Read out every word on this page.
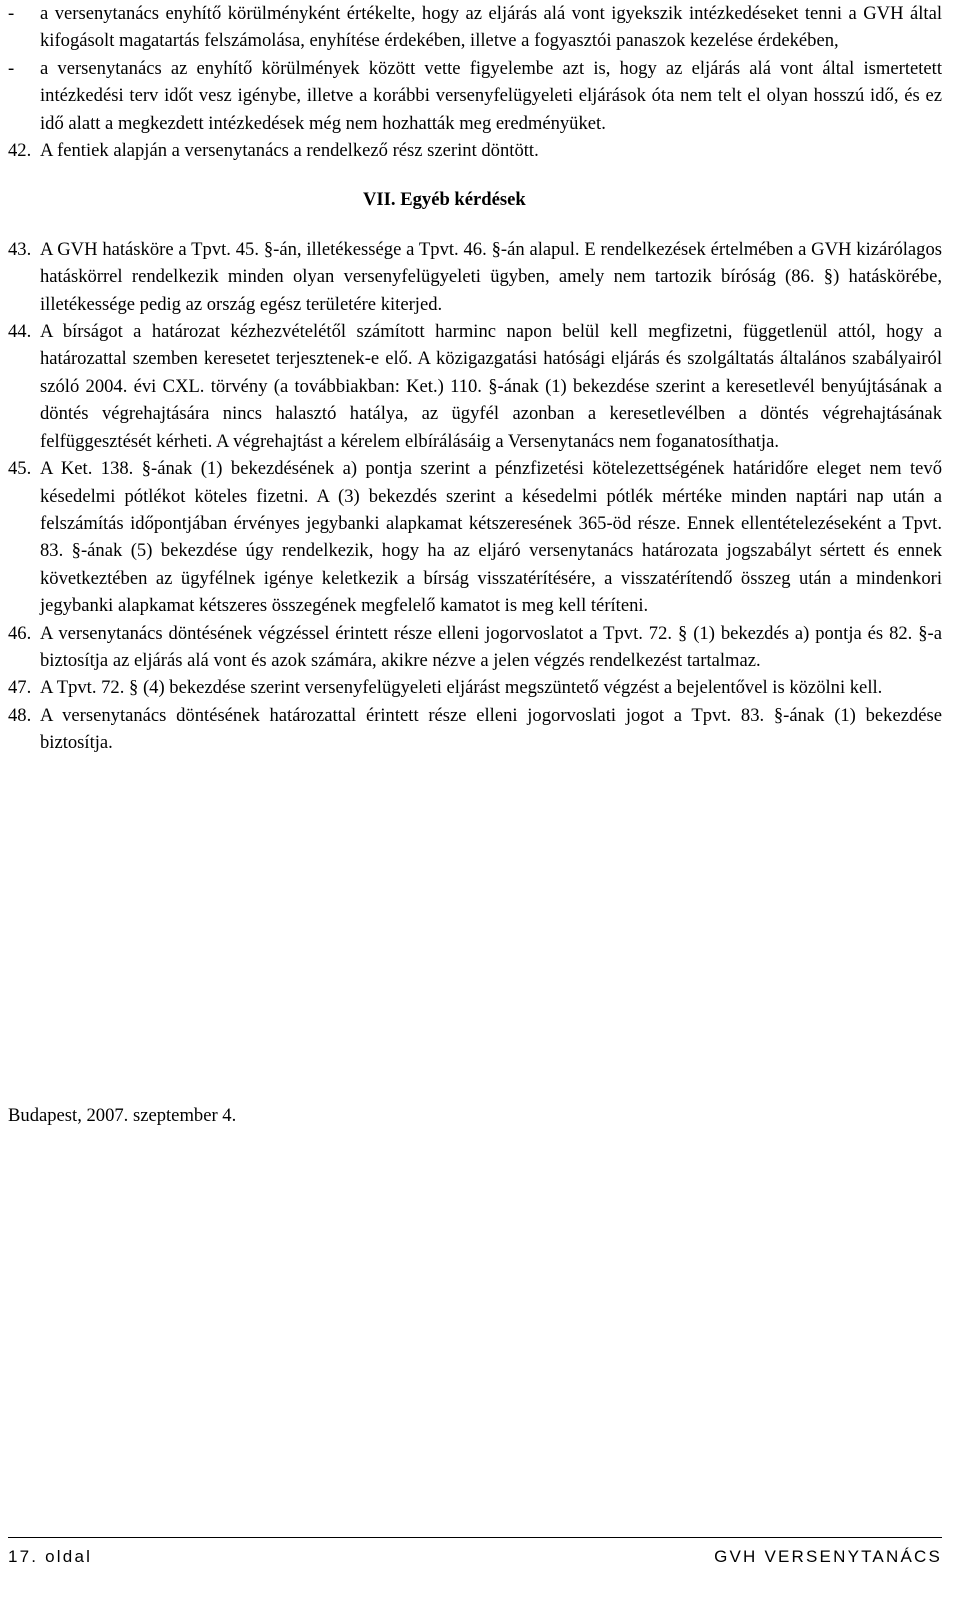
-	a versenytanács enyhítő körülményként értékelte, hogy az eljárás alá vont igyekszik intézkedéseket tenni a GVH által kifogásolt magatartás felszámolása, enyhítése érdekében, illetve a fogyasztói panaszok kezelése érdekében,
-	a versenytanács az enyhítő körülmények között vette figyelembe azt is, hogy az eljárás alá vont által ismertetett intézkedési terv időt vesz igénybe, illetve a korábbi versenyfelügyeleti eljárások óta nem telt el olyan hosszú idő, és ez idő alatt a megkezdett intézkedések még nem hozhatták meg eredményüket.
42. A fentiek alapján a versenytanács a rendelkező rész szerint döntött.
VII. Egyéb kérdések
43. A GVH hatásköre a Tpvt. 45. §-án, illetékessége a Tpvt. 46. §-án alapul. E rendelkezések értelmében a GVH kizárólagos hatáskörrel rendelkezik minden olyan versenyfelügyeleti ügyben, amely nem tartozik bíróság (86. §) hatáskörébe, illetékessége pedig az ország egész területére kiterjed.
44. A bírságot a határozat kézhezvételétől számított harminc napon belül kell megfizetni, függetlenül attól, hogy a határozattal szemben keresetet terjesztenek-e elő. A közigazgatási hatósági eljárás és szolgáltatás általános szabályairól szóló 2004. évi CXL. törvény (a továbbiakban: Ket.) 110. §-ának (1) bekezdése szerint a keresetlevél benyújtásának a döntés végrehajtására nincs halasztó hatálya, az ügyfél azonban a keresetlevélben a döntés végrehajtásának felfüggesztését kérheti. A végrehajtást a kérelem elbírálásáig a Versenytanács nem foganatosíthatja.
45. A Ket. 138. §-ának (1) bekezdésének a) pontja szerint a pénzfizetési kötelezettségének határidőre eleget nem tevő késedelmi pótlékot köteles fizetni. A (3) bekezdés szerint a késedelmi pótlék mértéke minden naptári nap után a felszámítás időpontjában érvényes jegybanki alapkamat kétszeresének 365-öd része. Ennek ellentételezéseként a Tpvt. 83. §-ának (5) bekezdése úgy rendelkezik, hogy ha az eljáró versenytanács határozata jogszabályt sértett és ennek következtében az ügyfélnek igénye keletkezik a bírság visszatérítésére, a visszatérítendő összeg után a mindenkori jegybanki alapkamat kétszeres összegének megfelelő kamatot is meg kell téríteni.
46. A versenytanács döntésének végzéssel érintett része elleni jogorvoslatot a Tpvt. 72. § (1) bekezdés a) pontja és 82. §-a biztosítja az eljárás alá vont és azok számára, akikre nézve a jelen végzés rendelkezést tartalmaz.
47. A Tpvt. 72. § (4) bekezdése szerint versenyfelügyeleti eljárást megszüntető végzést a bejelentővel is közölni kell.
48. A versenytanács döntésének határozattal érintett része elleni jogorvoslati jogot a Tpvt. 83. §-ának (1) bekezdése biztosítja.
Budapest, 2007. szeptember 4.
17. oldal	GVH VERSENYTANÁCS
